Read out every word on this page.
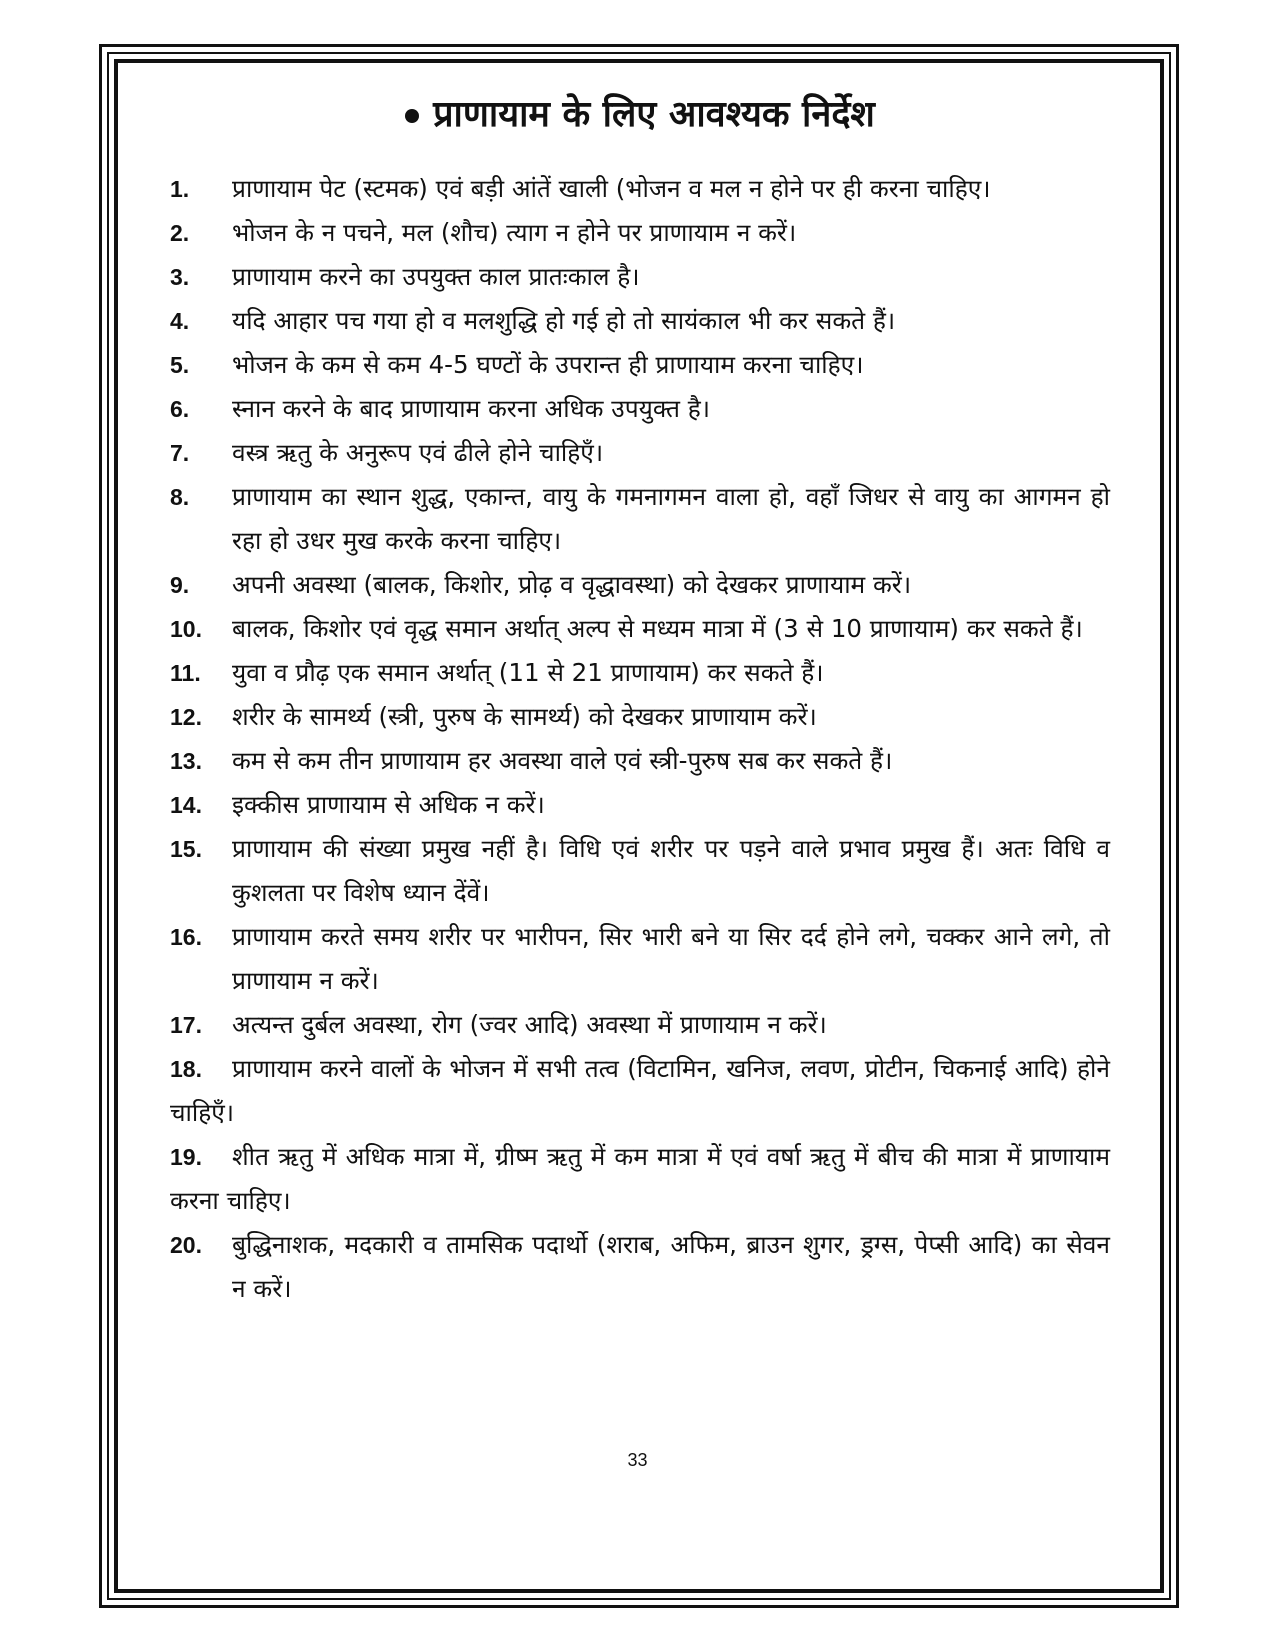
प्राणायाम के लिए आवश्यक निर्देश
1. प्राणायाम पेट (स्टमक) एवं बड़ी आंतें खाली (भोजन व मल न होने पर ही करना चाहिए।
2.	भोजन के न पचने, मल (शौच) त्याग न होने पर प्राणायाम न करें।
3.	प्राणायाम करने का उपयुक्त काल प्रातःकाल है।
4.	यदि आहार पच गया हो व मलशुद्धि हो गई हो तो सायंकाल भी कर सकते हैं।
5.	भोजन के कम से कम 4-5 घण्टों के उपरान्त ही प्राणायाम करना चाहिए।
6.	स्नान करने के बाद प्राणायाम करना अधिक उपयुक्त है।
7.	वस्त्र ऋतु के अनुरूप एवं ढीले होने चाहिएँ।
8.	प्राणायाम का स्थान शुद्ध, एकान्त, वायु के गमनागमन वाला हो, वहाँ जिधर से वायु का आगमन हो रहा हो उधर मुख करके करना चाहिए।
9.	अपनी अवस्था (बालक, किशोर, प्रोढ़ व वृद्धावस्था) को देखकर प्राणायाम करें।
10.	बालक, किशोर एवं वृद्ध समान अर्थात् अल्प से मध्यम मात्रा में (3 से 10 प्राणायाम) कर सकते हैं।
11.	युवा व प्रौढ़ एक समान अर्थात् (11 से 21 प्राणायाम) कर सकते हैं।
12.	शरीर के सामर्थ्य (स्त्री, पुरुष के सामर्थ्य) को देखकर प्राणायाम करें।
13.	कम से कम तीन प्राणायाम हर अवस्था वाले एवं स्त्री-पुरुष सब कर सकते हैं।
14.	इक्कीस प्राणायाम से अधिक न करें।
15.	प्राणायाम की संख्या प्रमुख नहीं है। विधि एवं शरीर पर पड़ने वाले प्रभाव प्रमुख हैं। अतः विधि व कुशलता पर विशेष ध्यान देंवें।
16.	प्राणायाम करते समय शरीर पर भारीपन, सिर भारी बने या सिर दर्द होने लगे, चक्कर आने लगे, तो प्राणायाम न करें।
17.	अत्यन्त दुर्बल अवस्था, रोग (ज्वर आदि) अवस्था में प्राणायाम न करें।
18. प्राणायाम करने वालों के भोजन में सभी तत्व (विटामिन, खनिज, लवण, प्रोटीन, चिकनाई आदि) होने चाहिएँ।
19. शीत ऋतु में अधिक मात्रा में, ग्रीष्म ऋतु में कम मात्रा में एवं वर्षा ऋतु में बीच की मात्रा में प्राणायाम करना चाहिए।
20.	बुद्धिनाशक, मदकारी व तामसिक पदार्थो (शराब, अफिम, ब्राउन शुगर, ड्रग्स, पेप्सी आदि) का सेवन न करें।
33
